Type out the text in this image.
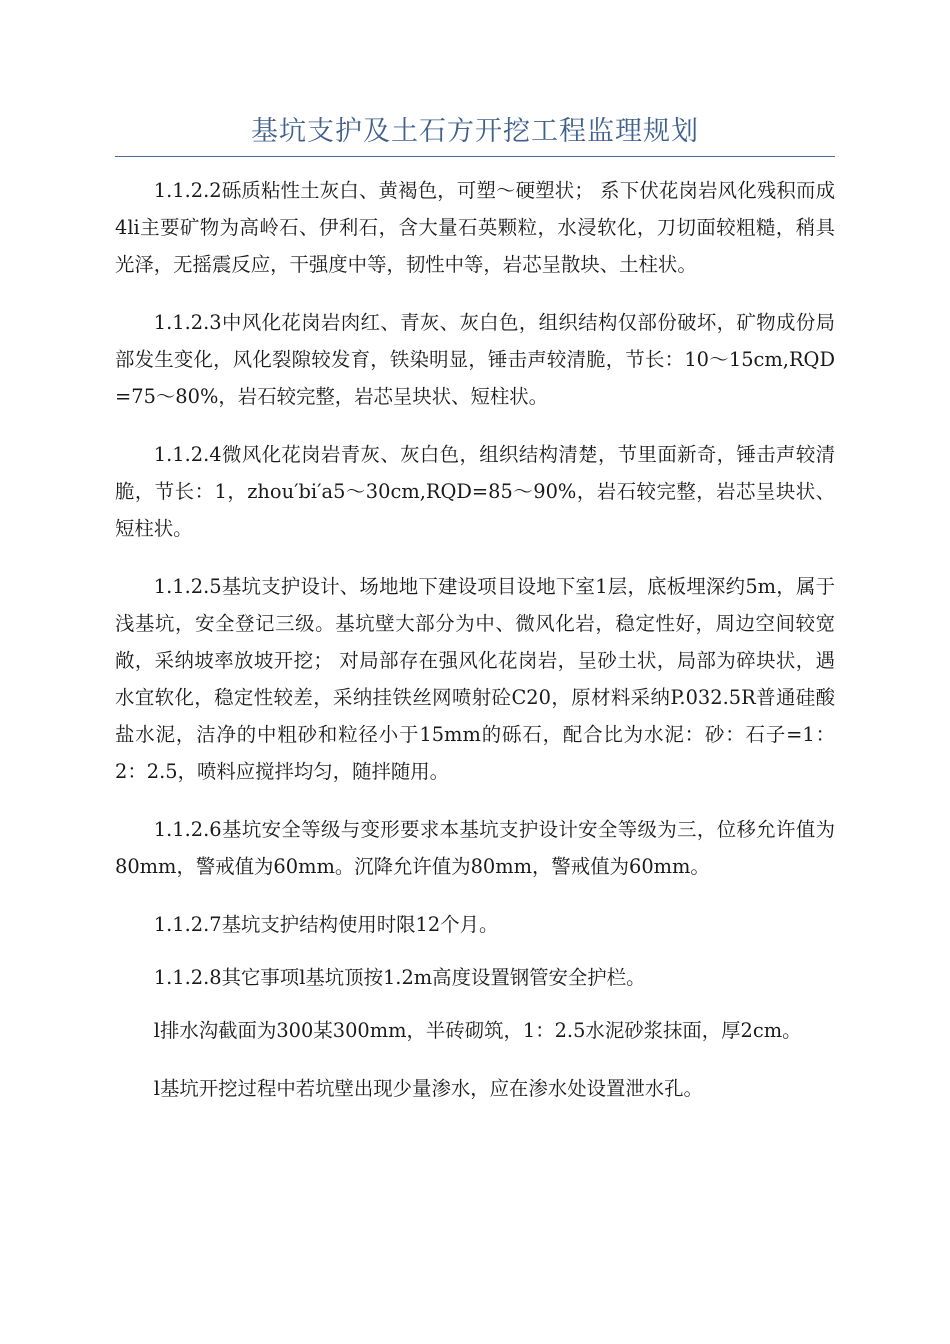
基坑支护及土石方开挖工程监理规划

1.1.2.2砾质粘性土灰白、黄褐色，可塑～硬塑状； 系下伏花岗岩风化残积而成4li主要矿物为高岭石、伊利石，含大量石英颗粒，水浸软化，刀切面较粗糙，稍具光泽，无摇震反应，干强度中等，韧性中等，岩芯呈散块、土柱状。

1.1.2.3中风化花岗岩肉红、青灰、灰白色，组织结构仅部份破坏，矿物成份局部发生变化，风化裂隙较发育，铁染明显，锤击声较清脆，节长：10～15cm,RQD=75～80%，岩石较完整，岩芯呈块状、短柱状。

1.1.2.4微风化花岗岩青灰、灰白色，组织结构清楚，节里面新奇，锤击声较清脆，节长：1，zhou′bi′a5～30cm,RQD=85～90%，岩石较完整，岩芯呈块状、短柱状。

1.1.2.5基坑支护设计、场地地下建设项目设地下室1层，底板埋深约5m，属于浅基坑，安全登记三级。基坑壁大部分为中、微风化岩，稳定性好，周边空间较宽敞，采纳坡率放坡开挖； 对局部存在强风化花岗岩，呈砂土状，局部为碎块状，遇水宜软化，稳定性较差，采纳挂铁丝网喷射砼C20，原材料采纳P.032.5R普通硅酸盐水泥，洁净的中粗砂和粒径小于15mm的砾石，配合比为水泥：砂：石子=1：2：2.5，喷料应搅拌均匀，随拌随用。

1.1.2.6基坑安全等级与变形要求本基坑支护设计安全等级为三，位移允许值为80mm，警戒值为60mm。沉降允许值为80mm，警戒值为60mm。

1.1.2.7基坑支护结构使用时限12个月。

1.1.2.8其它事项l基坑顶按1.2m高度设置钢管安全护栏。

l排水沟截面为300某300mm，半砖砌筑，1：2.5水泥砂浆抹面，厚2cm。

l基坑开挖过程中若坑壁出现少量渗水，应在渗水处设置泄水孔。
